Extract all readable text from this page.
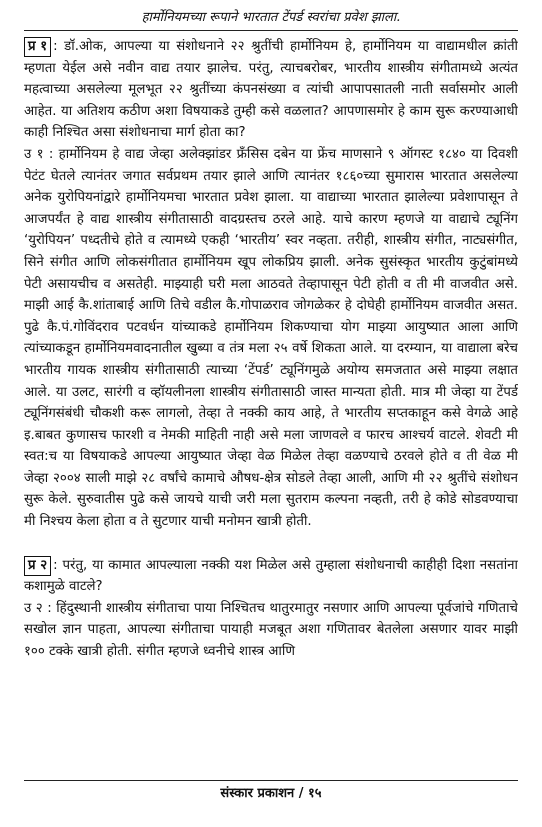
हार्मोनियमच्या रूपाने भारतात टेंपर्ड स्वरांचा प्रवेश झाला.

प्र १ : डॉ.ओक, आपल्या या संशोधनाने २२ श्रुतींची हार्मोनियम हे, हार्मोनियम या वाद्यामधील क्रांती म्हणता येईल असे नवीन वाद्य तयार झालेच. परंतु, त्याचबरोबर, भारतीय शास्त्रीय संगीतामध्ये अत्यंत महत्वाच्या असलेल्या मूलभूत २२ श्रुतींच्या कंपनसंख्या व त्यांची आपापसातली नाती सर्वासमोर आली आहेत. या अतिशय कठीण अशा विषयाकडे तुम्ही कसे वळलात? आपणासमोर हे काम सुरू करण्याआधी काही निश्चित असा संशोधनाचा मार्ग होता का?

उ १ : हार्मोनियम हे वाद्य जेव्हा अलेक्झांडर फ्रॅंसिस दबेन या फ्रेंच माणसाने ९ ऑगस्ट १८४० या दिवशी पेटंट घेतले त्यानंतर जगात सर्वप्रथम तयार झाले आणि त्यानंतर १८६०च्या सुमारास भारतात असलेल्या अनेक युरोपियनांद्वारे हार्मोनियमचा भारतात प्रवेश झाला. या वाद्याच्या भारतात झालेल्या प्रवेशापासून ते आजपर्यंत हे वाद्य शास्त्रीय संगीतासाठी वादग्रस्तच ठरले आहे. याचे कारण म्हणजे या वाद्याचे ट्यूनिंग ‘युरोपियन’ पध्दतीचे होते व त्यामध्ये एकही ‘भारतीय’ स्वर नव्हता. तरीही, शास्त्रीय संगीत, नाट्यसंगीत, सिने संगीत आणि लोकसंगीतात हार्मोनियम खूप लोकप्रिय झाली. अनेक सुसंस्कृत भारतीय कुटुंबांमध्ये पेटी असायचीच व असतेही. माझ्याही घरी मला आठवते तेव्हापासून पेटी होती व ती मी वाजवीत असे. माझी आई कै.शांताबाई आणि तिचे वडील कै.गोपाळराव जोगळेकर हे दोघेही हार्मोनियम वाजवीत असत. पुढे कै.पं.गोविंदराव पटवर्धन यांच्याकडे हार्मोनियम शिकण्याचा योग माझ्या आयुष्यात आला आणि त्यांच्याकडून हार्मोनियमवादनातील खुब्या व तंत्र मला २५ वर्षे शिकता आले. या दरम्यान, या वाद्याला बरेच भारतीय गायक शास्त्रीय संगीतासाठी त्याच्या ‘टेंपर्ड’ ट्यूनिंगमुळे अयोग्य समजतात असे माझ्या लक्षात आले. या उलट, सारंगी व व्हॉयलीनला शास्त्रीय संगीतासाठी जास्त मान्यता होती. मात्र मी जेव्हा या टेंपर्ड ट्यूनिंगसंबंधी चौकशी करू लागलो, तेव्हा ते नक्की काय आहे, ते भारतीय सप्तकाहून कसे वेगळे आहे इ.बाबत कुणासच फारशी व नेमकी माहिती नाही असे मला जाणवले व फारच आश्चर्य वाटले. शेवटी मी स्वत:च या विषयाकडे आपल्या आयुष्यात जेव्हा वेळ मिळेल तेव्हा वळण्याचे ठरवले होते व ती वेळ मी जेव्हा २००४ साली माझे २८ वर्षांचे कामाचे औषध-क्षेत्र सोडले तेव्हा आली, आणि मी २२ श्रुतींचे संशोधन सुरू केले. सुरुवातीस पुढे कसे जायचे याची जरी मला सुतराम कल्पना नव्हती, तरी हे कोडे सोडवण्याचा मी निश्चय केला होता व ते सुटणार याची मनोमन खात्री होती.

प्र २ : परंतु, या कामात आपल्याला नक्की यश मिळेल असे तुम्हाला संशोधनाची काहीही दिशा नसतांना कशामुळे वाटले?

उ २ : हिंदुस्थानी शास्त्रीय संगीताचा पाया निश्चितच थातुरमातुर नसणार आणि आपल्या पूर्वजांचे गणिताचे सखोल ज्ञान पाहता, आपल्या संगीताचा पायाही मजबूत अशा गणितावर बेतलेला असणार यावर माझी १०० टक्के खात्री होती. संगीत म्हणजे ध्वनीचे शास्त्र आणि

संस्कार प्रकाशन / १५
